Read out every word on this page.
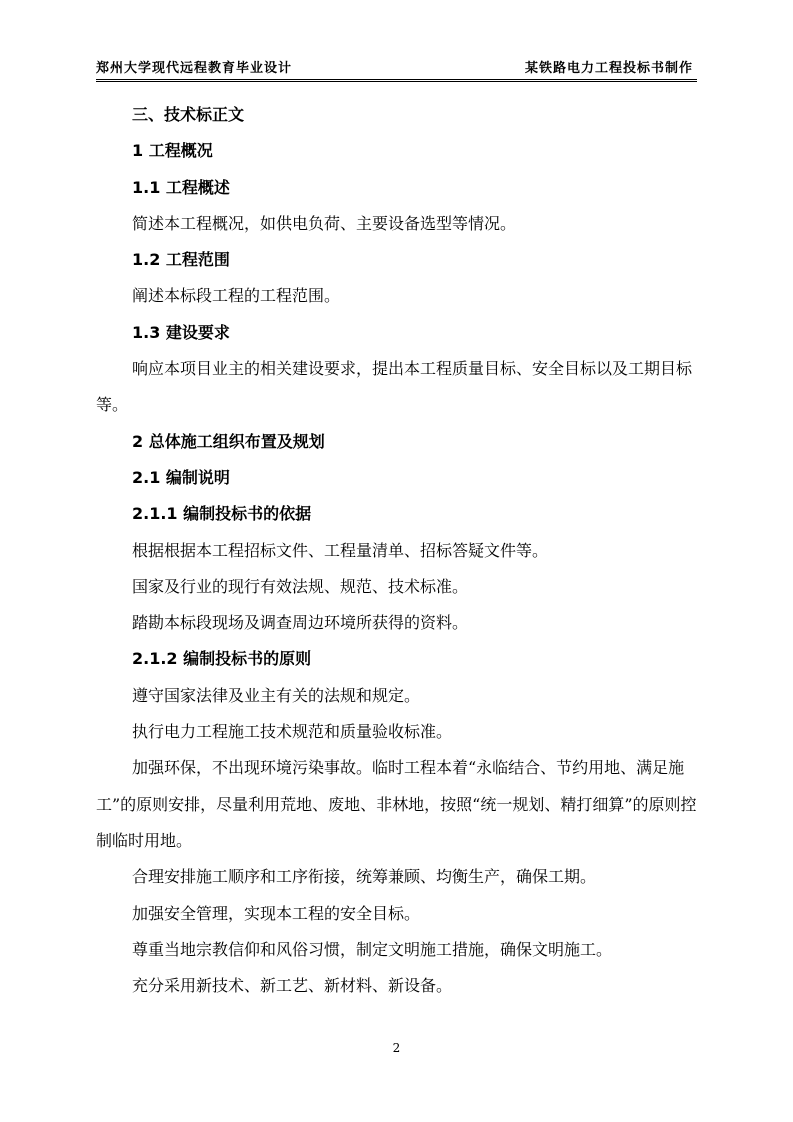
郑州大学现代远程教育毕业设计	某铁路电力工程投标书制作

三、技术标正文

1 工程概况

1.1 工程概述

简述本工程概况，如供电负荷、主要设备选型等情况。

1.2 工程范围

阐述本标段工程的工程范围。

1.3 建设要求

响应本项目业主的相关建设要求，提出本工程质量目标、安全目标以及工期目标等。

2 总体施工组织布置及规划

2.1 编制说明

2.1.1 编制投标书的依据

根据根据本工程招标文件、工程量清单、招标答疑文件等。

国家及行业的现行有效法规、规范、技术标准。

踏勘本标段现场及调查周边环境所获得的资料。

2.1.2 编制投标书的原则

遵守国家法律及业主有关的法规和规定。

执行电力工程施工技术规范和质量验收标准。

加强环保，不出现环境污染事故。临时工程本着“永临结合、节约用地、满足施工”的原则安排，尽量利用荒地、废地、非林地，按照“统一规划、精打细算”的原则控制临时用地。

合理安排施工顺序和工序衔接，统筹兼顾、均衡生产，确保工期。

加强安全管理，实现本工程的安全目标。

尊重当地宗教信仰和风俗习惯，制定文明施工措施，确保文明施工。

充分采用新技术、新工艺、新材料、新设备。

2
